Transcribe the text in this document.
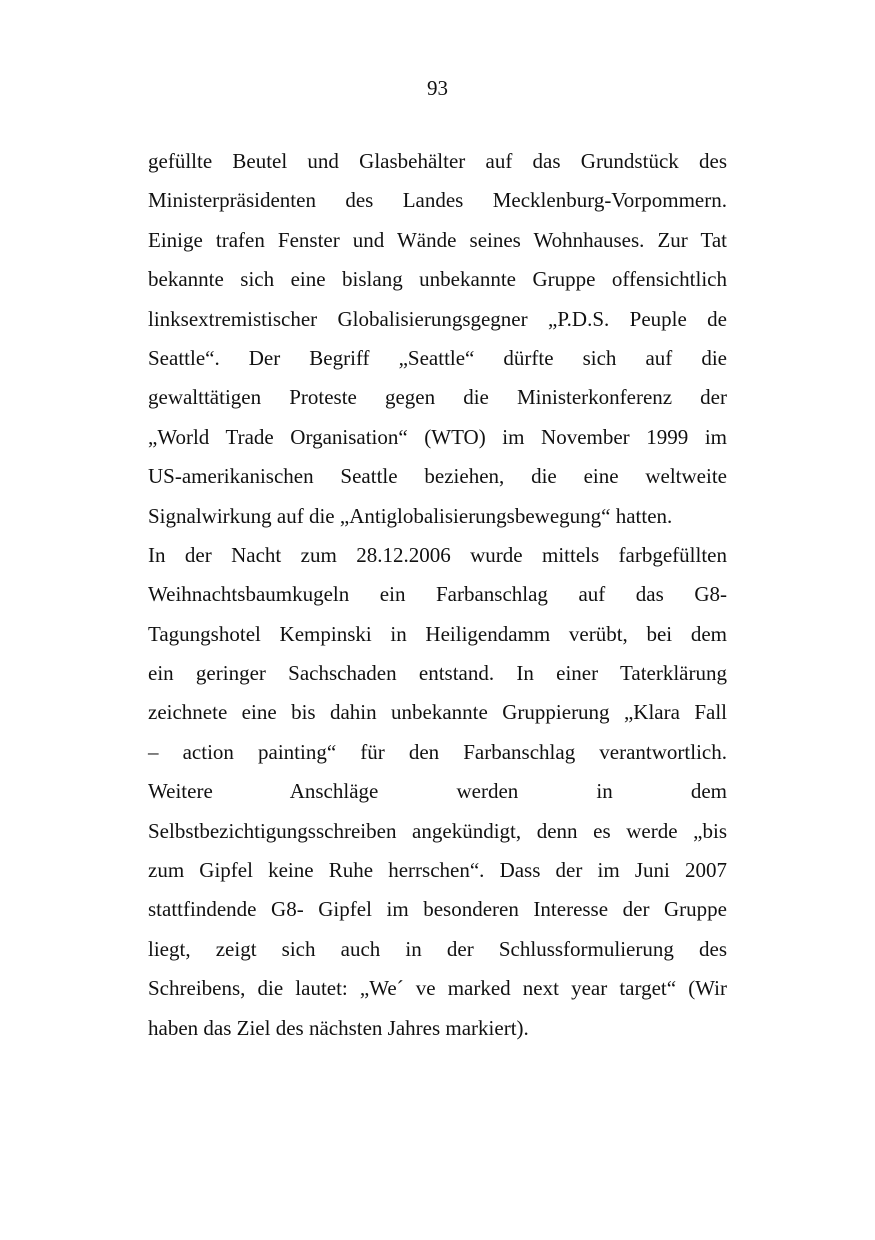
93
gefüllte Beutel und Glasbehälter auf das Grundstück des
Ministerpräsidenten des Landes Mecklenburg-Vorpommern.
Einige trafen Fenster und Wände seines Wohnhauses. Zur Tat
bekannte sich eine bislang unbekannte Gruppe offensichtlich
linksextremistischer Globalisierungsgegner „P.D.S. Peuple de
Seattle“. Der Begriff „Seattle“ dürfte sich auf die
gewalttätigen Proteste gegen die Ministerkonferenz der
„World Trade Organisation“ (WTO) im November 1999 im
US-amerikanischen Seattle beziehen, die eine weltweite
Signalwirkung auf die „Antiglobalisierungsbewegung“ hatten.
In der Nacht zum 28.12.2006 wurde mittels farbgefüllten
Weihnachtsbaumkugeln ein Farbanschlag auf das G8-
Tagungshotel Kempinski in Heiligendamm verübt, bei dem
ein geringer Sachschaden entstand. In einer Taterklärung
zeichnete eine bis dahin unbekannte Gruppierung „Klara Fall
– action painting“ für den Farbanschlag verantwortlich.
Weitere Anschläge werden in dem
Selbstbezichtigungsschreiben angekündigt, denn es werde „bis
zum Gipfel keine Ruhe herrschen“. Dass der im Juni 2007
stattfindende G8- Gipfel im besonderen Interesse der Gruppe
liegt, zeigt sich auch in der Schlussformulierung des
Schreibens, die lautet: „We´ ve marked next year target“ (Wir
haben das Ziel des nächsten Jahres markiert).
